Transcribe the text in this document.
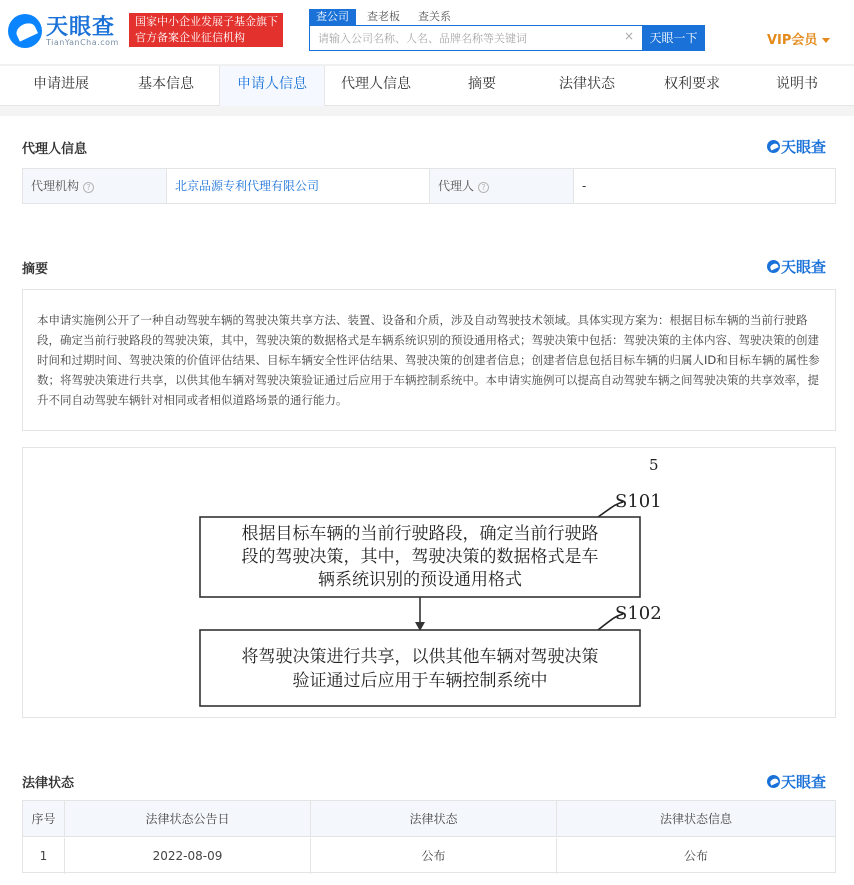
天眼查
TianYanCha.com
国家中小企业发展子基金旗下
官方备案企业征信机构
查公司	查老板	查关系
请输入公司名称、人名、品牌名称等关键词
×	天眼一下	VIP会员
申请进展	基本信息	申请人信息	代理人信息	摘要	法律状态	权利要求	说明书
代理人信息	天眼查
代理机构 ?	北京品源专利代理有限公司	代理人 ?	-
摘要	天眼查
本申请实施例公开了一种自动驾驶车辆的驾驶决策共享方法、装置、设备和介质，涉及自动驾驶技术领域。具体实现方案为：根据目标车辆的当前行驶路段，确定当前行驶路段的驾驶决策，其中，驾驶决策的数据格式是车辆系统识别的预设通用格式；驾驶决策中包括：驾驶决策的主体内容、驾驶决策的创建时间和过期时间、驾驶决策的价值评估结果、目标车辆安全性评估结果、驾驶决策的创建者信息；创建者信息包括目标车辆的归属人ID和目标车辆的属性参数；将驾驶决策进行共享，以供其他车辆对驾驶决策验证通过后应用于车辆控制系统中。本申请实施例可以提高自动驾驶车辆之间驾驶决策的共享效率，提升不同自动驾驶车辆针对相同或者相似道路场景的通行能力。
5
S101
根据目标车辆的当前行驶路段，确定当前行驶路
段的驾驶决策，其中，驾驶决策的数据格式是车
辆系统识别的预设通用格式
S102
将驾驶决策进行共享，以供其他车辆对驾驶决策
验证通过后应用于车辆控制系统中
法律状态	天眼查
序号	法律状态公告日	法律状态	法律状态信息
1	2022-08-09	公布	公布
